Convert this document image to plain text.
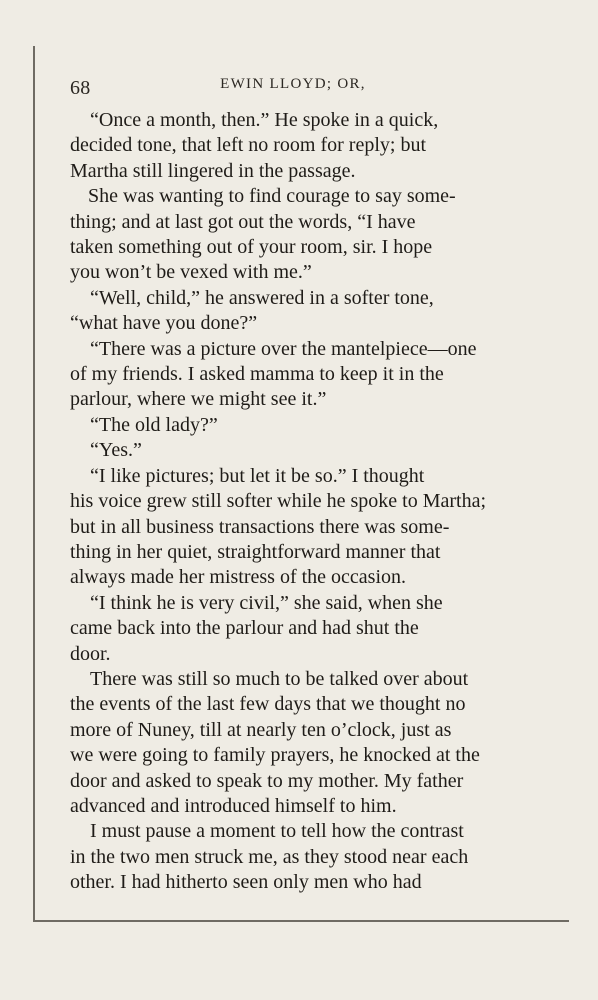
68	EWIN LLOYD; OR,
“Once a month, then.” He spoke in a quick,
decided tone, that left no room for reply; but
Martha still lingered in the passage.
She was wanting to find courage to say some-
thing; and at last got out the words, “I have
taken something out of your room, sir. I hope
you won’t be vexed with me.”
“Well, child,” he answered in a softer tone,
“what have you done?”
“There was a picture over the mantelpiece—one
of my friends. I asked mamma to keep it in the
parlour, where we might see it.”
“The old lady?”
“Yes.”
“I like pictures; but let it be so.” I thought
his voice grew still softer while he spoke to Martha;
but in all business transactions there was some-
thing in her quiet, straightforward manner that
always made her mistress of the occasion.
“I think he is very civil,” she said, when she
came back into the parlour and had shut the
door.
There was still so much to be talked over about
the events of the last few days that we thought no
more of Nuney, till at nearly ten o’clock, just as
we were going to family prayers, he knocked at the
door and asked to speak to my mother. My father
advanced and introduced himself to him.
I must pause a moment to tell how the contrast
in the two men struck me, as they stood near each
other. I had hitherto seen only men who had
